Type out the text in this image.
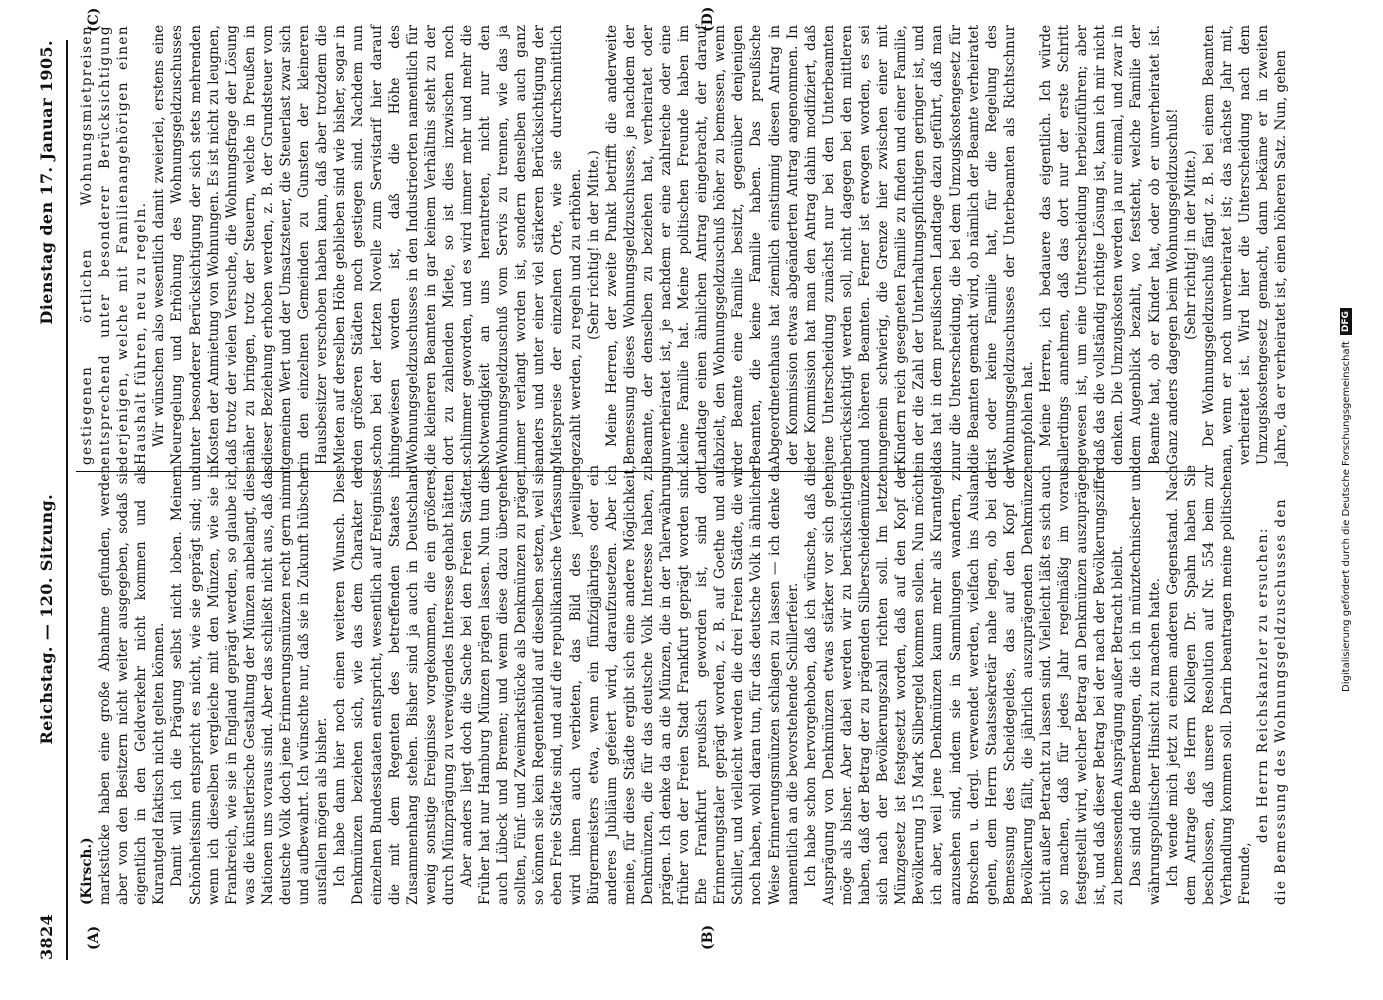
3824
Reichstag. — 120. Sitzung.
Dienstag den 17. Januar 1905.
(A)	(B)
(C)	(D)

(Kirsch.) markstücke haben eine große Abnahme gefunden, werden aber von den Besitzern nicht weiter ausgegeben, sodaß sie eigentlich in den Geldverkehr nicht kommen und als Kurantgeld faktisch nicht gelten können. Damit will ich die Prägung selbst nicht loben. Meinem Schönheitssinn entspricht es nicht, wie sie geprägt sind; und wenn ich dieselben vergleiche mit den Münzen, wie sie in Frankreich, wie sie in England geprägt werden, so glaube ich, was die künstlerische Gestaltung der Münzen anbelangt, diese Nationen uns voraus sind. Aber das schließt nicht aus, daß das deutsche Volk doch jene Erinnerungsmünzen recht gern nimmt und aufbewahrt. Ich wünschte nur, daß sie in Zukunft hübscher ausfallen mögen als bisher. Ich habe dann hier noch einen weiteren Wunsch. Diese Denkmünzen beziehen sich, wie das dem Charakter der einzelnen Bundesstaaten entspricht, wesentlich auf Ereignisse, die mit dem Regenten des betreffenden Staates in Zusammenhang stehen. Bisher sind ja auch in Deutschland wenig sonstige Ereignisse vorgekommen, die ein größeres, durch Münzprägung zu verewigendes Interesse gehabt hätten. Aber anders liegt doch die Sache bei den Freien Städten. Früher hat nur Hamburg Münzen prägen lassen. Nun tun dies auch Lübeck und Bremen; und wenn diese dazu übergehen sollten, Fünf- und Zweimarkstücke als Denkmünzen zu prägen, so können sie kein Regentenbild auf dieselben setzen, weil sie eben Freie Städte sind, und auf die republikanische Verfassung wird ihnen auch verbieten, das Bild des jeweiligen Bürgermeisters etwa, wenn ein fünfzigjähriges oder ein anderes Jubiläum gefeiert wird, daraufzusetzen. Aber ich meine, für diese Städte ergibt sich eine andere Möglichkeit, Denkmünzen, die für das deutsche Volk Interesse haben, zu prägen. Ich denke da an die Münzen, die in der Talerwährung früher von der Freien Stadt Frankfurt geprägt worden sind. Ehe Frankfurt preußisch geworden ist, sind dort Erinnerungstaler geprägt worden, z. B. auf Goethe und auf Schiller, und vielleicht werden die drei Freien Städte, die wir noch haben, wohl daran tun, für das deutsche Volk in ähnlicher Weise Erinnerungsmünzen schlagen zu lassen — ich denke da namentlich an die bevorstehende Schillerfeier. Ich habe schon hervorgehoben, daß ich wünsche, daß die Ausprägung von Denkmünzen etwas stärker vor sich gehen möge als bisher. Aber dabei werden wir zu berücksichtigen haben, daß der Betrag der zu prägenden Silberscheidemünzen sich nach der Bevölkerungszahl richten soll. Im letzten Münzgesetz ist festgesetzt worden, daß auf den Kopf der Bevölkerung 15 Mark Silbergeld kommen sollen. Nun möchte ich aber, weil jene Denkmünzen kaum mehr als Kurantgeld anzusehen sind, indem sie in Sammlungen wandern, zu Broschen u. dergl. verwendet werden, vielfach ins Ausland gehen, dem Herrn Staatssekretär nahe legen, ob bei der Bemessung des Scheidegeldes, das auf den Kopf der Bevölkerung fällt, die jährlich auszuprägenden Denkmünzen nicht außer Betracht zu lassen sind. Vielleicht läßt es sich auch so machen, daß für jedes Jahr regelmäßig im voraus festgestellt wird, welcher Betrag an Denkmünzen auszuprägen ist, und daß dieser Betrag bei der nach der Bevölkerungsziffer zu bemessenden Ausprägung außer Betracht bleibt. Das sind die Bemerkungen, die ich in münztechnischer und währungspolitischer Hinsicht zu machen hatte. Ich wende mich jetzt zu einem anderen Gegenstand. Nach dem Antrage des Herrn Kollegen Dr. Spahn haben Sie beschlossen, daß unsere Resolution auf Nr. 554 beim zur Verhandlung kommen soll. Darin beantragen meine politischen Freunde,

den Herrn Reichskanzler zu ersuchen: die Bemessung des Wohnungsgeldzuschusses den

gestiegenen örtlichen Wohnungsmietpreisen entsprechend unter besonderer Berücksichtigung derjenigen, welche mit Familienangehörigen einen Haushalt führen, neu zu regeln. Wir wünschen also wesentlich damit zweierlei, erstens eine Neuregelung und Erhöhung des Wohnungsgeldzuschusses unter besonderer Berücksichtigung der sich stets mehrenden Kosten der Anmietung von Wohnungen. Es ist nicht zu leugnen, daß trotz der vielen Versuche, die Wohnungsfrage der Lösung näher zu bringen, trotz der Steuern, welche in Preußen in dieser Beziehung erhoben werden, z. B. der Grundsteuer vom gemeinen Wert und der Umsatzsteuer, die Steuerlast zwar sich in den einzelnen Gemeinden zu Gunsten der kleineren Hausbesitzer verschoben haben kann, daß aber trotzdem die Mieten auf derselben Höhe geblieben sind wie bisher, sogar in den größeren Städten noch gestiegen sind. Nachdem nun schon bei der letzten Novelle zum Servistarif hier darauf hingewiesen worden ist, daß die Höhe des Wohnungsgeldzuschusses in den Industrieorten namentlich für die kleineren Beamten in gar keinem Verhältnis steht zu der dort zu zahlenden Miete, so ist dies inzwischen noch schlimmer geworden, und es wird immer mehr und mehr die Notwendigkeit an uns herantreten, nicht nur den Wohnungsgeldzuschuß vom Servis zu trennen, wie das ja immer verlangt worden ist, sondern denselben auch ganz anders und unter einer viel stärkeren Berücksichtigung der Mietspreise der einzelnen Orte, wie sie durchschnittlich gezahlt werden, zu regeln und zu erhöhen. (Sehr richtig! in der Mitte.) Meine Herren, der zweite Punkt betrifft die anderweite Bemessung dieses Wohnungsgeldzuschusses, je nachdem der Beamte, der denselben zu beziehen hat, verheiratet oder unverheiratet ist, je nachdem er eine zahlreiche oder eine kleine Familie hat. Meine politischen Freunde haben im Landtage einen ähnlichen Antrag eingebracht, der darauf abzielt, den Wohnungsgeldzuschuß höher zu bemessen, wenn der Beamte eine Familie besitzt, gegenüber denjenigen Beamten, die keine Familie haben. Das preußische Abgeordnetenhaus hat ziemlich einstimmig diesen Antrag in der Kommission etwas abgeänderten Antrag angenommen. In der Kommission hat man den Antrag dahin modifiziert, daß jene Unterscheidung zunächst nur bei den Unterbeamten berücksichtigt werden soll, nicht dagegen bei den mittleren und höheren Beamten. Ferner ist erwogen worden, es sei ungemein schwierig, die Grenze hier zwischen einer mit Kindern reich gesegneten Familie zu finden und einer Familie, in der die Zahl der Unterhaltungspflichtigen geringer ist, und das hat in dem preußischen Landtage dazu geführt, daß man nur die Unterscheidung, die bei dem Umzugskostengesetz für die Beamten gemacht wird, ob nämlich der Beamte verheiratet ist oder keine Familie hat, für die Regelung des Wohnungsgeldzuschusses der Unterbeamten als Richtschnur empfohlen hat. Meine Herren, ich bedauere das eigentlich. Ich würde allerdings annehmen, daß das dort nur der erste Schritt gewesen ist, um eine Unterscheidung herbeizuführen; aber daß das die vollständig richtige Lösung ist, kann ich mir nicht denken. Die Umzugskosten werden ja nur einmal, und zwar in dem Augenblick bezahlt, wo feststeht, welche Familie der Beamte hat, ob er Kinder hat, oder ob er unverheiratet ist. Ganz anders dagegen beim Wohnungsgeldzuschuß! (Sehr richtig! in der Mitte.) Der Wohnungsgeldzuschuß fängt z. B. bei einem Beamten an, wenn er noch unverheiratet ist; das nächste Jahr mit, verheiratet ist. Wird hier die Unterscheidung nach dem Umzugskostengesetz gemacht, dann bekäme er in zweiten Jahre, da er verheiratet ist, einen höheren Satz. Nun, gehen

Digitalisierung gefördert durch die Deutsche Forschungsgemeinschaft
DFG
